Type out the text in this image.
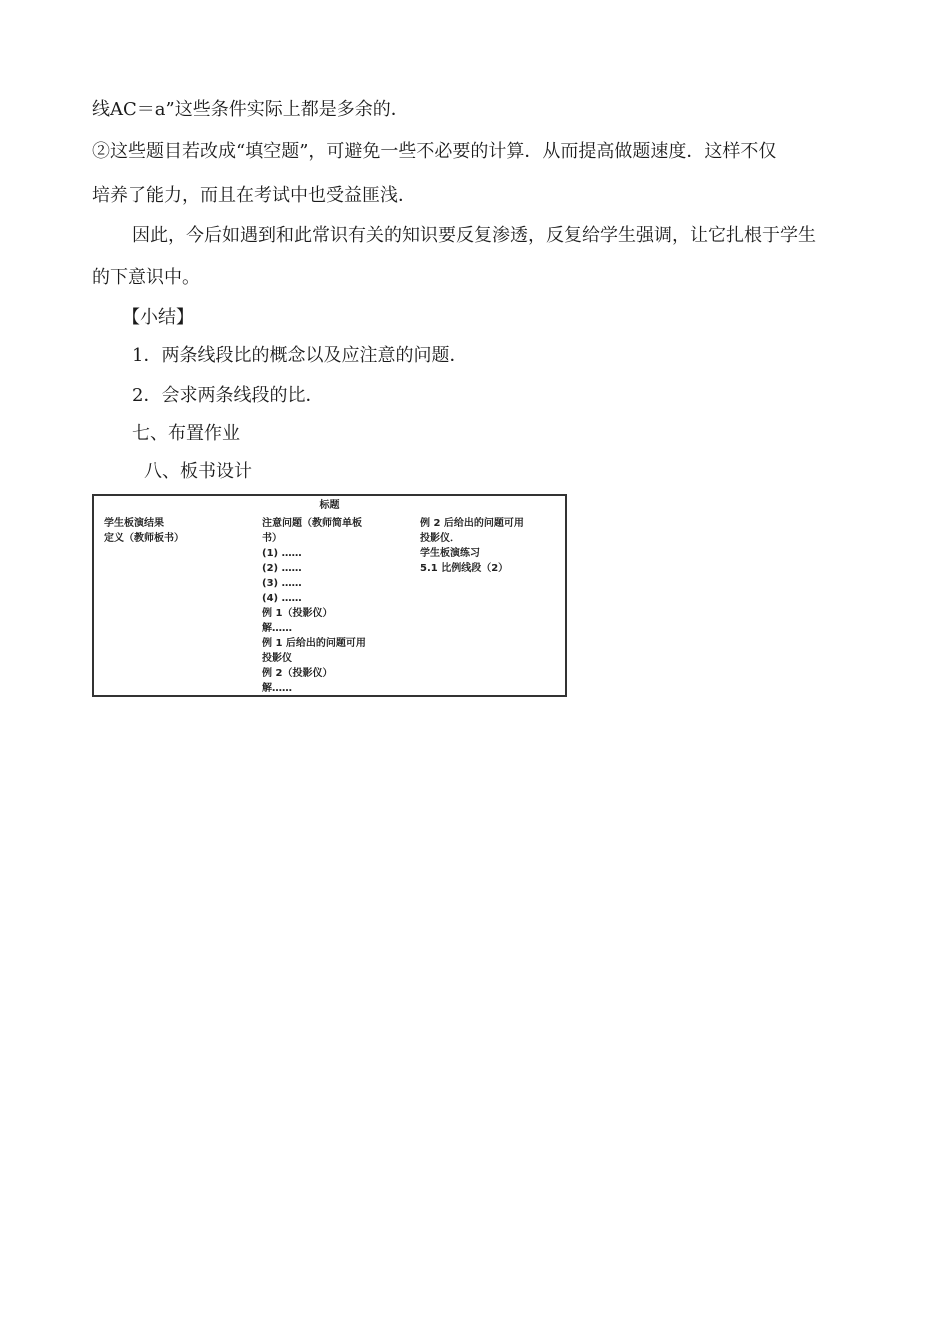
线AC＝a”这些条件实际上都是多余的．
②这些题目若改成“填空题”，可避免一些不必要的计算．从而提高做题速度．这样不仅
培养了能力，而且在考试中也受益匪浅．
因此，今后如遇到和此常识有关的知识要反复渗透，反复给学生强调，让它扎根于学生
的下意识中。
【小结】
1．两条线段比的概念以及应注意的问题．
2．会求两条线段的比．
七、布置作业
八、板书设计
标题
学生板演结果
定义（教师板书）
注意问题（教师简单板
书）
(1) ……
(2) ……
(3) ……
(4) ……
例 1（投影仪）
解……
例 1 后给出的问题可用
投影仪
例 2（投影仪）
解……
例 2 后给出的问题可用
投影仪．
学生板演练习
5.1 比例线段（2）
